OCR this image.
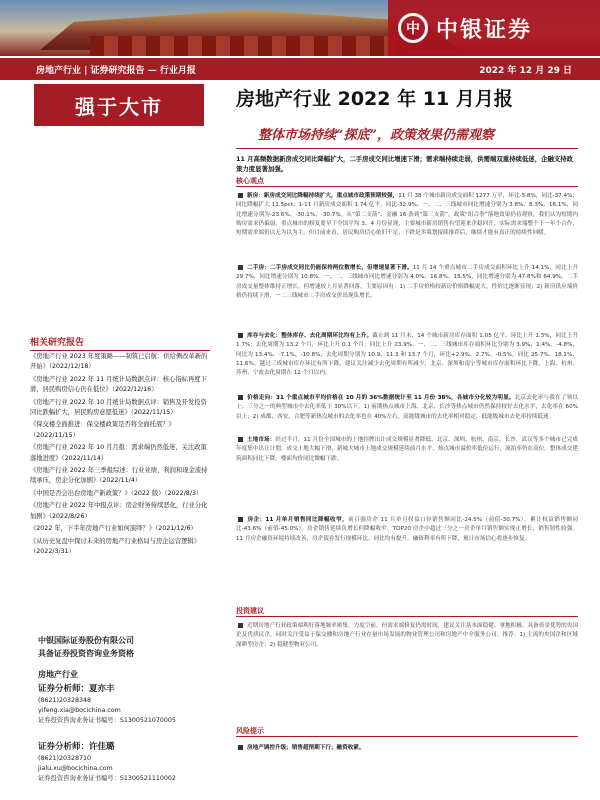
中 中银证券
房地产行业 | 证券研究报告 — 行业月报	2022 年 12 月 29 日
强于大市
相关研究报告
《房地产行业 2023 年度策略——韧筑已启航：供给侧改革新的开始》（2022/12/18）
《房地产行业 2022 年 11 月统计局数据点评：核心指标再度下滑，居民购房信心仍在低位》（2022/12/16）
《房地产行业 2022 年 10 月统计局数据点评：销售及开发投资同比跌幅扩大，居民购房意愿低迷》（2022/11/15）
《保交楼全面推进：保交楼政策是否将全面托底？》（2022/11/15）
《房地产行业 2022 年 10 月月报：需求端仍然低迷，关注政策落地进度》（2022/11/14）
《房地产行业 2022 年三季报综述：行业业绩、利润和现金流持续承压，房企分化加剧》（2022/11/4）
《中国是否会出台房地产新政策？》（2022 版）（2022/8/3）
《房地产行业 2022 年中报点评：房企财务持续恶化，行业分化加剧》（2022/8/26）
《2022 年，下半年房地产行业如何演绎？》（2021/12/6）
《从历史复盘中探讨未来的房地产行业格局与房企运营逻辑》（2022/3/31）
中银国际证券股份有限公司
具备证券投资咨询业务资格
房地产行业
证券分析师：夏亦丰
(8621)20328348
yifeng.xia@bocichina.com
证券投资咨询业务证书编号：S1300521070005
证券分析师：许佳璐
(8621)20328710
jialu.xu@bocichina.com
证券投资咨询业务证书编号：S1300521110002
房地产行业 2022 年 11 月月报
整体市场持续“探底”，政策效果仍需观察
11 月高频数据新房成交同比降幅扩大，二手房成交同比增速下滑；需求端持续走弱，供需端双重持续低迷，企融支持政策力度显著加强。
核心观点
新房：新房成交同比降幅持续扩大，重点城市政策预期较强，11 月 38 个城市新房成交面积 1277 万平，环比-5.8%，同比-37.4%；同比降幅扩大 11.5pct；1-11 月新房成交面积 1.74 亿平，同比-32.9%。一、二、三线城市同比增速分别为 3.8%、8.3%、16.1%，同比增速分别为-23.6%、-30.1%、-30.7%。从“第二支箭”、金融 16 条到“第三支箭”，政策“组合拳”落地效果仍待观察，我们认为短期内购房需求仍偏弱，重点城市的修复要早于全国平均 3、4 月份显现，主要城市新房销售有望迎来企稳回升。实际需求端整个下一年个合作，短期需求端仍以无为以为主，但目前来看，居民购房信心依旧不足，下跌是多策划接续推荐后，继续才能有真正的持续性回暖。
二手房：二手房成交同比仍能保持两位数增长，但增速显著下滑。11 月 14 个重点城市二手房成交面积环比上升 14.1%，同比上升 29.7%，同比增速分别为 10.8%。一、二、三线城市同比增速分别为 4.0%、16.8%、15.5%，同比增速分别为 47.8%和 64.9%。二手房成交量整体维持正增长，但增速较上月显著回落，主要原因有：1) 二手房价格较新房价格降幅更大，性价比逐渐显现；2) 新房供应端价格仍持续下滑，一二三线城市二手房成交价出现负增长。
库存与去化：整体库存、去化周期环比均有上升。截止到 11 月末，14 个城市新房库存面积 1.05 亿平，环比上升 1.3%，同比上升 1.7%；去化周期为 13.2 个月，环比上升 0.1 个月，同比上升 23.9%，一、二、三线城市库存面积环比分别为 3.9%、1.4%、-4.8%，同比为 13.4%、-7.1%、-10.8%；去化周期分别为 10.9、11.3 和 13.7 个月，环比+2.9%、2.7%、-0.5%，同比 25.7%、18.1%、11.6%。越过三成城市库存环比有所下降，建议关注减少去化周期有所减少，北京、深圳和南宁等城市库存面积环比下降，上海、杭州、苏州、宁波去化周期在 12 个月以内。
价格走向：31 个重点城市平均价格在 10 月的 36%数据统计至 11 月份 38%，各城市分化较为明显。北京去化率与我在了领以上；三分之一的典型城市中去化率低于 30%以下。1) 前期热点城市上海、北京、长沙等热点城市仍然保持较好去化水平，去化率在 60%以上；2) 成都、西安、合肥等新热点城市的去化率也在 40%左右。高能级城市的去化率相对稳定，低能级城市去化率持续低迷。
土地市场：经过半月，11 月份全国城市的土地挂牌出让成交规模显著降低，北京、深圳、杭州、南京、长沙、武汉等多个城市已完成年度集中出让计划。成交土地大幅下滑，新城大城市土地成交规模延续前月水平，热点城市溢价率低位运行，流拍率仍在高位。整体成交建筑面积同比下降，楼面均价同比微幅下跌。
房企：11 月单月销售同比降幅收窄，前百强房企 11 月单月权益口径销售额同比-24.5%（前值-30.7%），累计权益销售额同比-43.6%（前值-45.0%）。房企销售延续负增长但降幅收窄。TOP20 房企中超过三分之一房企单月销售额实现正增长，销售韧性较强。11 月房企融资环境持续改善，房企债券发行规模环比、同比均有提升，融资利率有所下降，预计市场信心将逐步恢复。
投资建议
近期房地产行业政策端利好落地频率密集、力度空前，但需求端修复仍需时间，建议关注基本面稳健、拿地积极、具备资金优势的央国企及优质民企，同时关注受益于保交楼和房地产行业存量市场发展的物业管理公司和房地产中介服务公司。推荐：1) 主流的央国企和区域深耕型房企；2) 稳健型物业公司。
风险提示
房地产调控升级；销售超预期下行；融资收紧。
